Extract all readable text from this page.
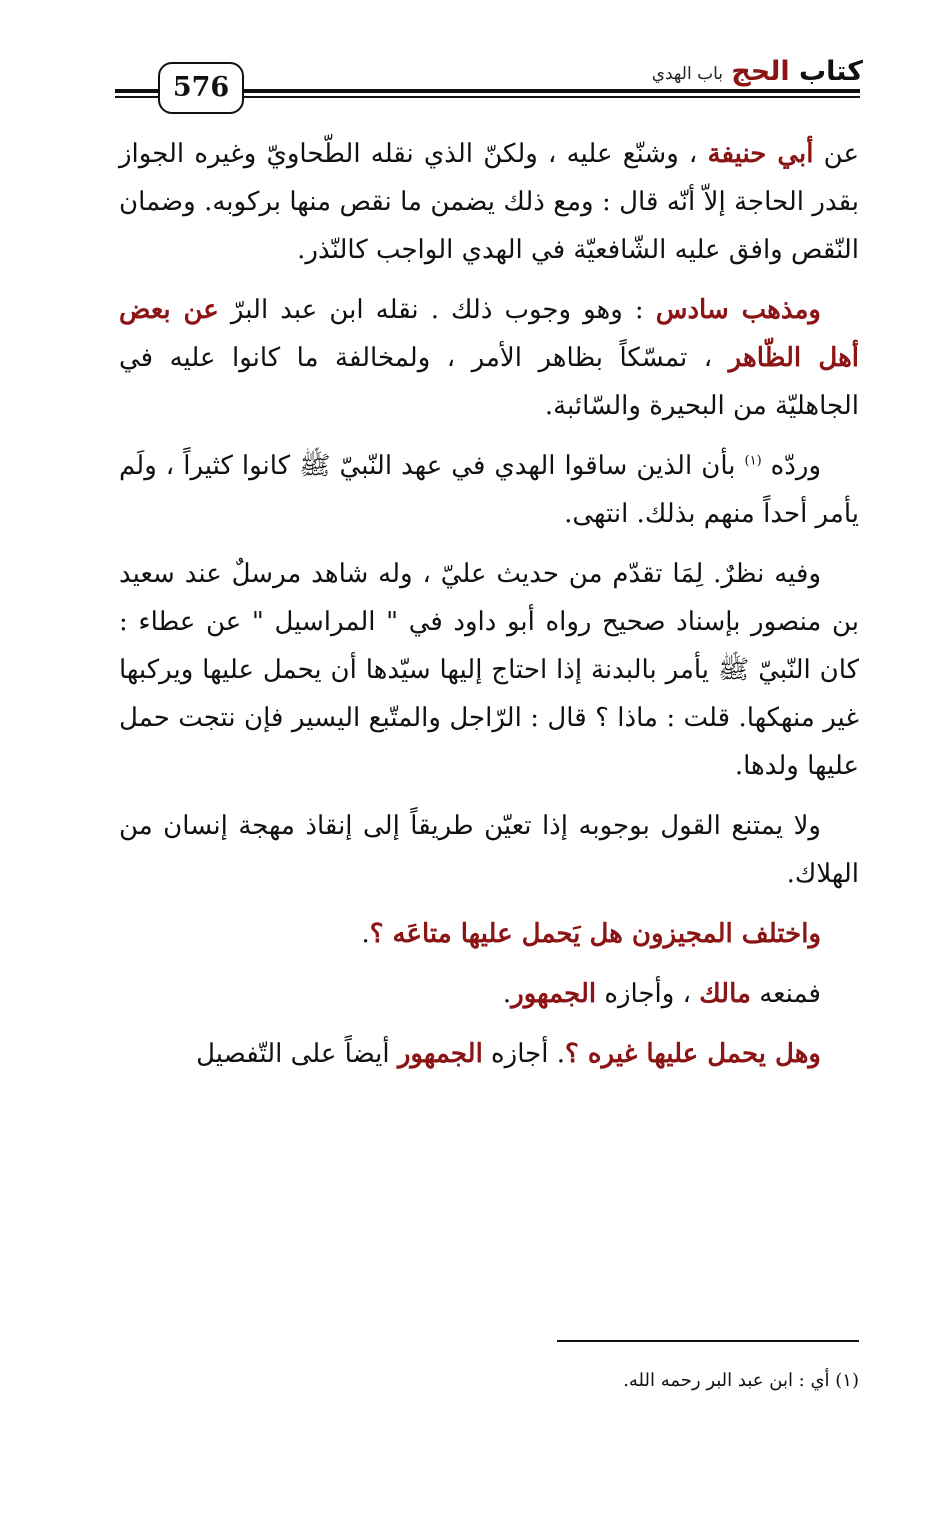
576
كتاب الحج
باب الهدي

عن أبي حنيفة ، وشنّع عليه ، ولكنّ الذي نقله الطّحاويّ وغيره الجواز بقدر الحاجة إلاّ أنّه قال : ومع ذلك يضمن ما نقص منها بركوبه. وضمان النّقص وافق عليه الشّافعيّة في الهدي الواجب كالنّذر.

ومذهب سادس : وهو وجوب ذلك . نقله ابن عبد البرّ عن بعض أهل الظّاهر ، تمسّكاً بظاهر الأمر ، ولمخالفة ما كانوا عليه في الجاهليّة من البحيرة والسّائبة.

وردّه $^{(١)}$ بأن الذين ساقوا الهدي في عهد النّبيّ ﷺ كانوا كثيراً ، ولَم يأمر أحداً منهم بذلك. انتهى.

وفيه نظرٌ. لِمَا تقدّم من حديث عليّ ، وله شاهد مرسلٌ عند سعيد بن منصور بإسناد صحيح رواه أبو داود في " المراسيل " عن عطاء : كان النّبيّ ﷺ يأمر بالبدنة إذا احتاج إليها سيّدها أن يحمل عليها ويركبها غير منهكها. قلت : ماذا ؟ قال : الرّاجل والمتّبع اليسير فإن نتجت حمل عليها ولدها.

ولا يمتنع القول بوجوبه إذا تعيّن طريقاً إلى إنقاذ مهجة إنسان من الهلاك.

واختلف المجيزون هل يَحمل عليها متاعَه ؟.

فمنعه مالك ، وأجازه الجمهور.

وهل يحمل عليها غيره ؟. أجازه الجمهور أيضاً على التّفصيل

(١) أي : ابن عبد البر رحمه الله.
